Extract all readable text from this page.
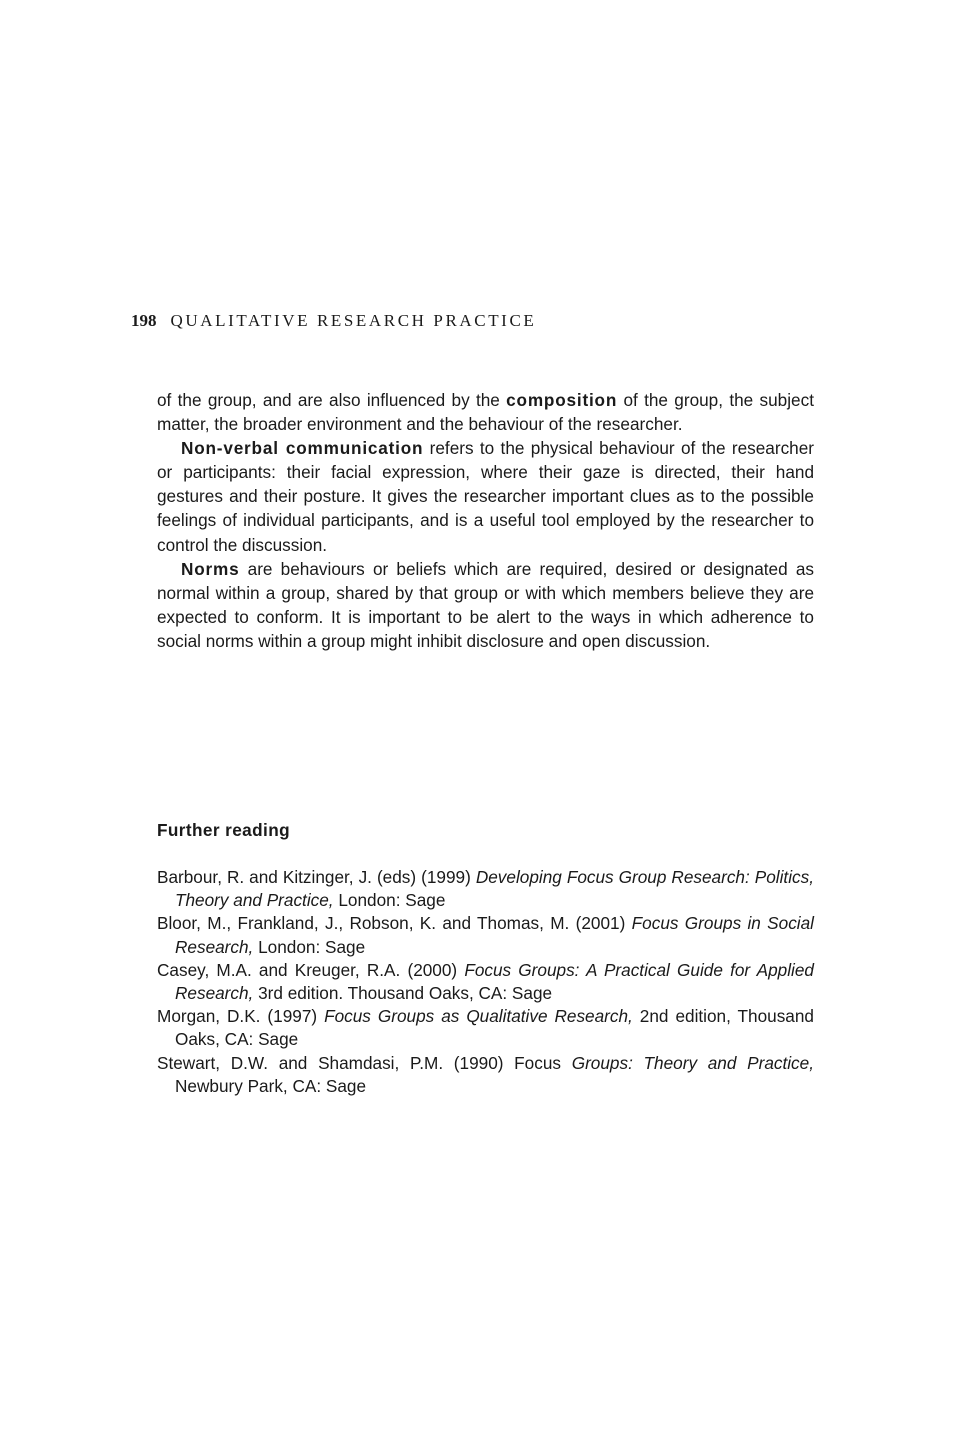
198 QUALITATIVE RESEARCH PRACTICE

of the group, and are also influenced by the composition of the group, the subject matter, the broader environment and the behaviour of the researcher.

Non-verbal communication refers to the physical behaviour of the researcher or participants: their facial expression, where their gaze is directed, their hand gestures and their posture. It gives the researcher important clues as to the possible feelings of individual participants, and is a useful tool employed by the researcher to control the discussion.

Norms are behaviours or beliefs which are required, desired or designated as normal within a group, shared by that group or with which members believe they are expected to conform. It is important to be alert to the ways in which adherence to social norms within a group might inhibit disclosure and open discussion.

Further reading

Barbour, R. and Kitzinger, J. (eds) (1999) Developing Focus Group Research: Politics, Theory and Practice, London: Sage

Bloor, M., Frankland, J., Robson, K. and Thomas, M. (2001) Focus Groups in Social Research, London: Sage

Casey, M.A. and Kreuger, R.A. (2000) Focus Groups: A Practical Guide for Applied Research, 3rd edition. Thousand Oaks, CA: Sage

Morgan, D.K. (1997) Focus Groups as Qualitative Research, 2nd edition, Thousand Oaks, CA: Sage

Stewart, D.W. and Shamdasi, P.M. (1990) Focus Groups: Theory and Practice, Newbury Park, CA: Sage
